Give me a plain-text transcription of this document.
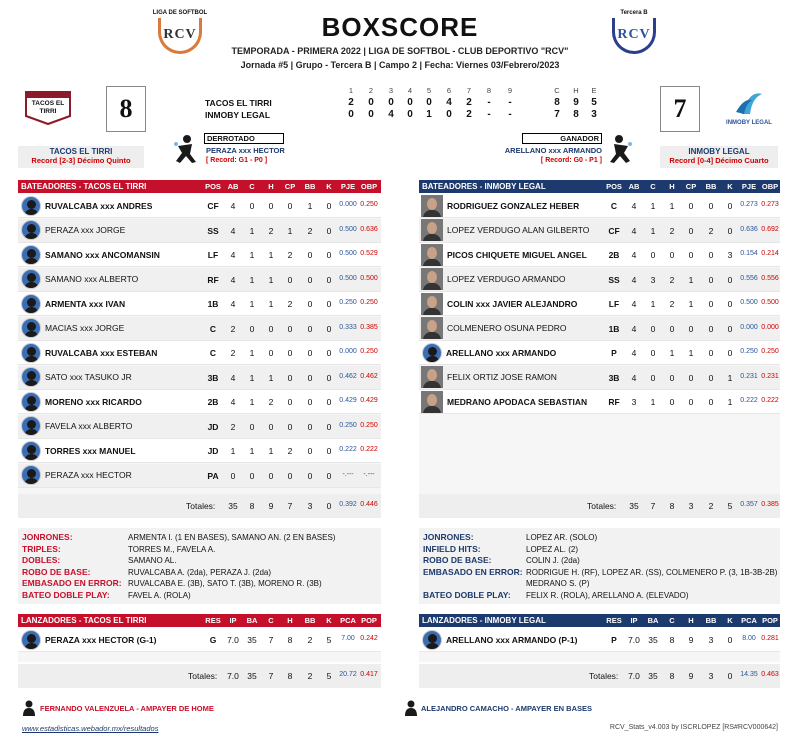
LIGA DE SOFTBOL
RCV
Tercera B
RCV
BOXSCORE
TEMPORADA - PRIMERA 2022 | LIGA DE SOFTBOL - CLUB DEPORTIVO "RCV"
Jornada #5 | Grupo - Tercera B | Campo 2 | Fecha: Viernes 03/Febrero/2023
TACOS EL TIRRI	8	7	INMOBY LEGAL
TACOS EL TIRRI
INMOBY LEGAL
1	2	3	4	5	6	7	8	9	C	H	E
2	0	0	0	0	4	2	-	-	8	9	5
0	0	4	0	1	0	2	-	-	7	8	3
TACOS EL TIRRI
Record [2-3] Décimo Quinto
INMOBY LEGAL
Record [0-4] Décimo Cuarto
DERROTADO
PERAZA xxx HECTOR
[ Record: G1 - P0 ]
GANADOR
ARELLANO xxx ARMANDO
[ Record: G0 - P1 ]
BATEADORES - TACOS EL TIRRI	POS AB	C	H	CP	BB	K	PJE OBP
RUVALCABA xxx ANDRES	CF	4	0	0	0	1	0	0.000 0.250
PERAZA xxx JORGE	SS	4	1	2	1	2	0	0.500 0.636
SAMANO xxx ANCOMANSIN	LF	4	1	1	2	0	0	0.500 0.529
SAMANO xxx ALBERTO	RF	4	1	1	0	0	0	0.500 0.500
ARMENTA xxx IVAN	1B	4	1	1	2	0	0	0.250 0.250
MACIAS xxx JORGE	C	2	0	0	0	0	0	0.333 0.385
RUVALCABA xxx ESTEBAN	C	2	1	0	0	0	0	0.000 0.250
SATO xxx TASUKO JR	3B	4	1	1	0	0	0	0.462 0.462
MORENO xxx RICARDO	2B	4	1	2	0	0	0	0.429 0.429
FAVELA xxx ALBERTO	JD	2	0	0	0	0	0	0.250 0.250
TORRES xxx MANUEL	JD	1	1	1	2	0	0	0.222 0.222
PERAZA xxx HECTOR	PA	0	0	0	0	0	0	-.---	-.---
Totales:	35	8	9	7	3	0	0.392 0.446
BATEADORES - INMOBY LEGAL	POS AB	C	H	CP	BB	K	PJE OBP
RODRIGUEZ GONZALEZ HEBER	C	4	1	1	0	0	0	0.273 0.273
LOPEZ VERDUGO ALAN GILBERTO	CF	4	1	2	0	2	0	0.636 0.692
PICOS CHIQUETE MIGUEL ANGEL	2B	4	0	0	0	0	3	0.154 0.214
LOPEZ VERDUGO ARMANDO	SS	4	3	2	1	0	0	0.556 0.556
COLIN xxx JAVIER ALEJANDRO	LF	4	1	2	1	0	0	0.500 0.500
COLMENERO OSUNA PEDRO	1B	4	0	0	0	0	0	0.000 0.000
ARELLANO xxx ARMANDO	P	4	0	1	1	0	0	0.250 0.250
FELIX ORTIZ JOSE RAMON	3B	4	0	0	0	0	1	0.231 0.231
MEDRANO APODACA SEBASTIAN	RF	3	1	0	0	0	1	0.222 0.222
Totales:	35	7	8	3	2	5	0.357 0.385
JONRONES:	ARMENTA I. (1 EN BASES), SAMANO AN. (2 EN BASES)
TRIPLES:	TORRES M., FAVELA A.
DOBLES:	SAMANO AL.
ROBO DE BASE:	RUVALCABA A. (2da), PERAZA J. (2da)
EMBASADO EN ERROR: RUVALCABA E. (3B), SATO T. (3B), MORENO R. (3B)
BATEO DOBLE PLAY: FAVEL A. (ROLA)
JONRONES:	LOPEZ AR. (SOLO)
INFIELD HITS:	LOPEZ AL. (2)
ROBO DE BASE:	COLIN J. (2da)
EMBASADO EN ERROR: RODRIGUE H. (RF), LOPEZ AR. (SS), COLMENERO P. (3, 1B-3B-2B)
MEDRANO S. (P)
BATEO DOBLE PLAY: FELIX R. (ROLA), ARELLANO A. (ELEVADO)
LANZADORES - TACOS EL TIRRI	RES	IP	BA	C	H	BB	K	PCA POP
PERAZA xxx HECTOR (G-1)	G	7.0 35	7	8	2	5	7.00 0.242
Totales:	7.0 35	7	8	2	5	20.72 0.417
LANZADORES - INMOBY LEGAL	RES	IP	BA	C	H	BB	K	PCA POP
ARELLANO xxx ARMANDO (P-1)	P	7.0 35	8	9	3	0	8.00 0.281
Totales:	7.0 35	8	9	3	0	14.35 0.463
FERNANDO VALENZUELA - AMPAYER DE HOME	ALEJANDRO CAMACHO - AMPAYER EN BASES
www.estadisticas.webador.mx/resultados	RCV_Stats_v4.003 by ISCRLOPEZ [RS#RCV000642]
